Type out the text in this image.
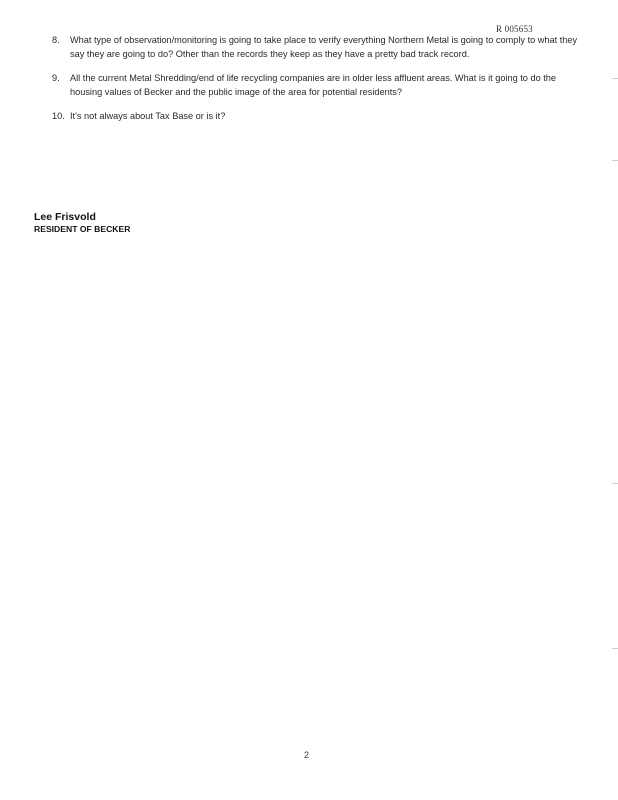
R 005653
8. What type of observation/monitoring is going to take place to verify everything Northern Metal is going to comply to what they say they are going to do? Other than the records they keep as they have a pretty bad track record.
9. All the current Metal Shredding/end of life recycling companies are in older less affluent areas. What is it going to do the housing values of Becker and the public image of the area for potential residents?
10. It's not always about Tax Base or is it?
Lee Frisvold
RESIDENT OF BECKER
2
